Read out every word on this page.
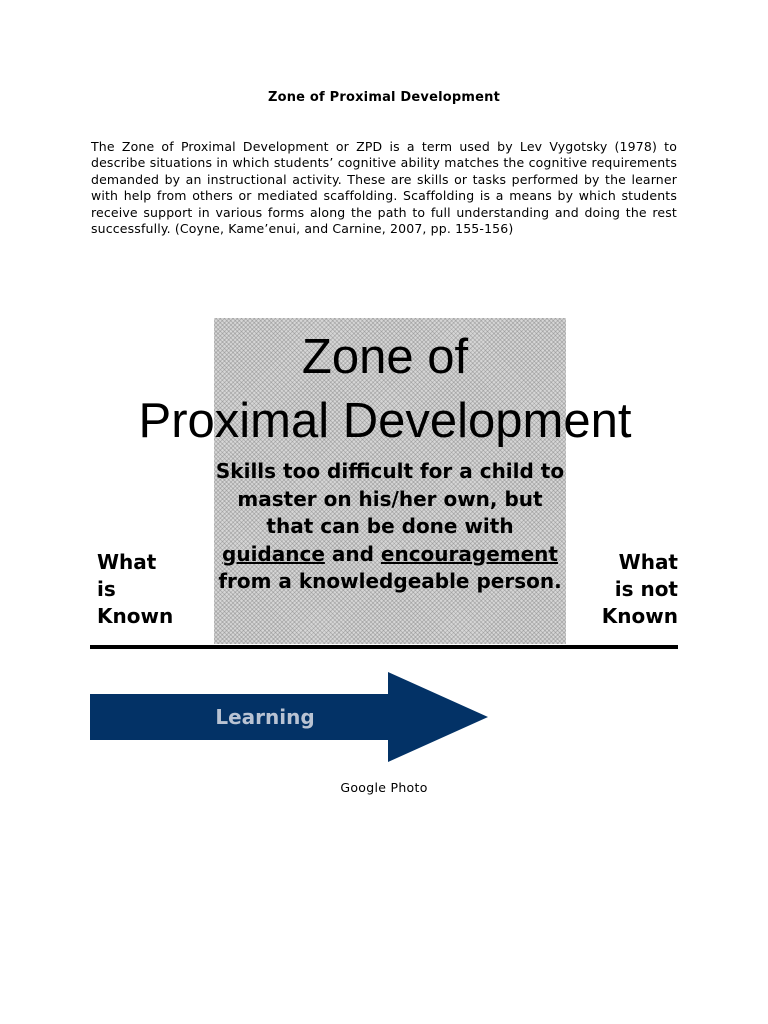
Zone of Proximal Development

The Zone of Proximal Development or ZPD is a term used by Lev Vygotsky (1978) to describe situations in which students’ cognitive ability matches the cognitive requirements demanded by an instructional activity. These are skills or tasks performed by the learner with help from others or mediated scaffolding. Scaffolding is a means by which students receive support in various forms along the path to full understanding and doing the rest successfully. (Coyne, Kame’enui, and Carnine, 2007, pp. 155-156)

Zone of
Proximal Development

Skills too difficult for a child to master on his/her own, but that can be done with guidance and encouragement from a knowledgeable person.

What
is
Known
What
is not
Known
Learning
Google Photo
